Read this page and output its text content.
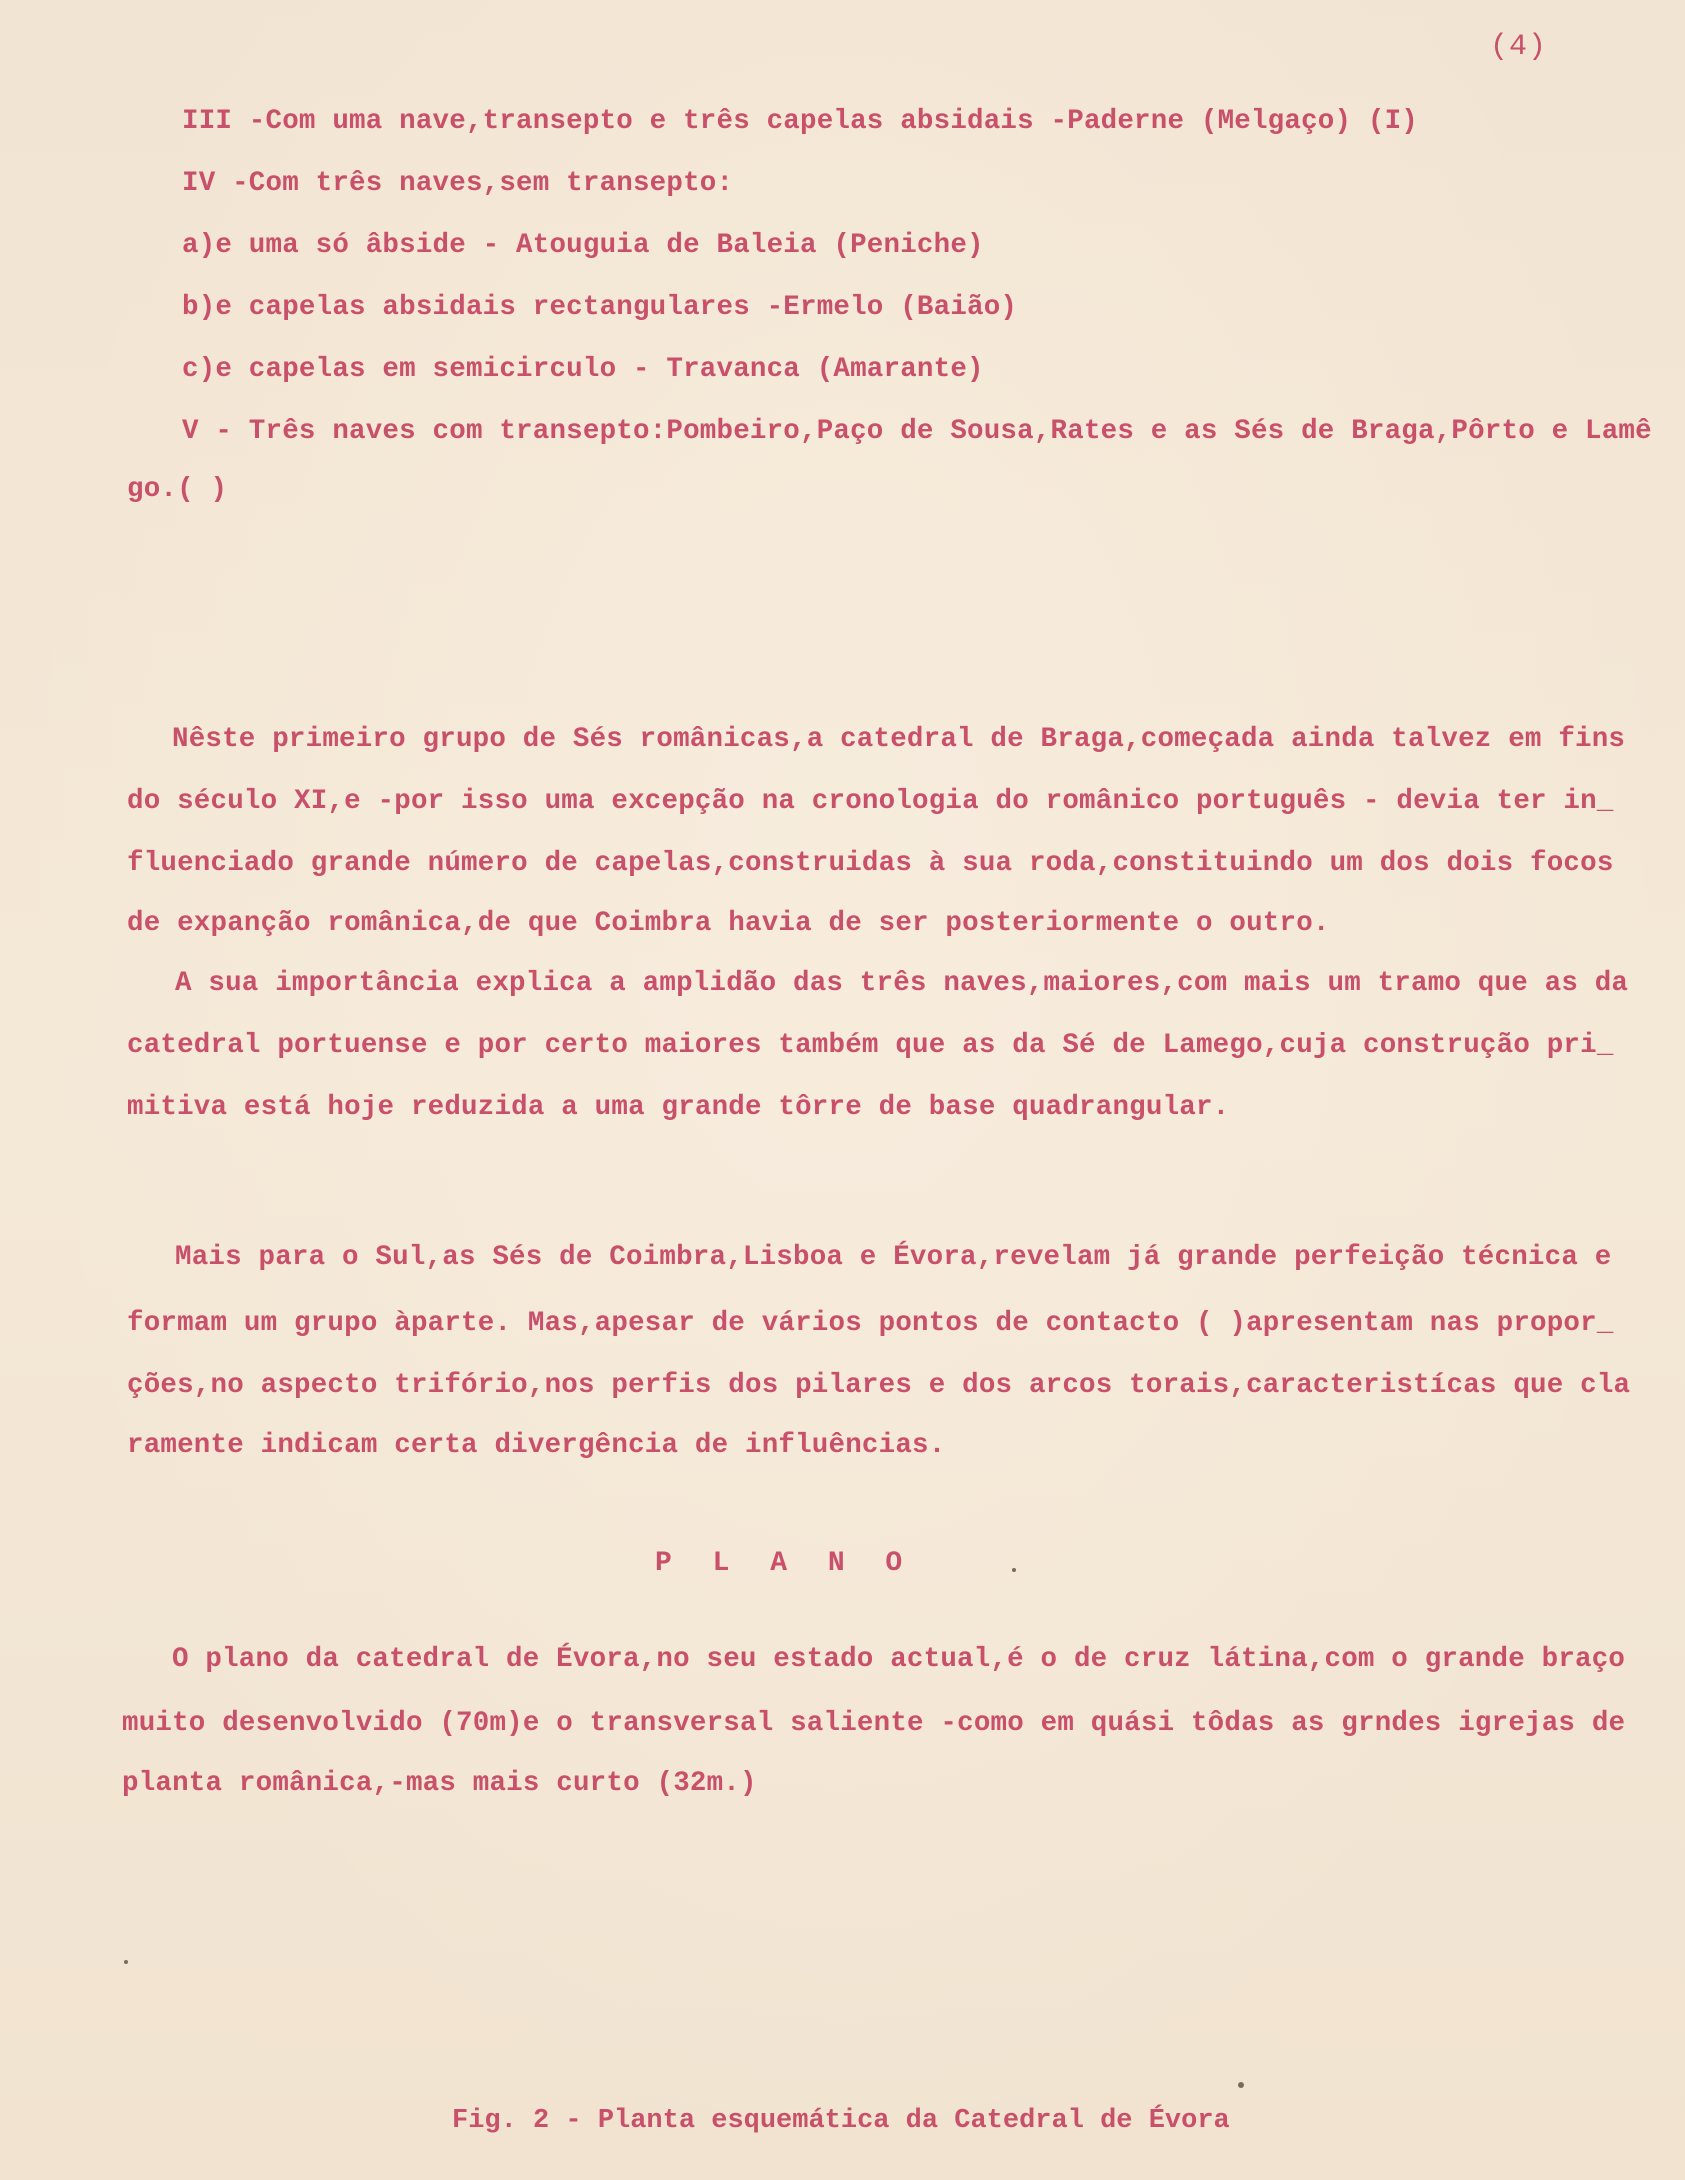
(4)
III -Com uma nave,transepto e três capelas absidais -Paderne (Melgaço) (I)
IV -Com três naves,sem transepto:
a)e uma só âbside - Atouguia de Baleia (Peniche)
b)e capelas absidais rectangulares -Ermelo (Baião)
c)e capelas em semicirculo - Travanca (Amarante)
V - Três naves com transepto:Pombeiro,Paço de Sousa,Rates e as Sés de Braga,Pôrto e Lamê
go.( )
Nêste primeiro grupo de Sés românicas,a catedral de Braga,começada ainda talvez em fins
do século XI,e -por isso uma excepção na cronologia do românico português - devia ter in_
fluenciado grande número de capelas,construidas à sua roda,constituindo um dos dois focos
de expanção românica,de que Coimbra havia de ser posteriormente o outro.
A sua importância explica a amplidão das três naves,maiores,com mais um tramo que as da
catedral portuense e por certo maiores também que as da Sé de Lamego,cuja construção pri_
mitiva está hoje reduzida a uma grande tôrre de base quadrangular.
Mais para o Sul,as Sés de Coimbra,Lisboa e Évora,revelam já grande perfeição técnica e
formam um grupo àparte. Mas,apesar de vários pontos de contacto ( )apresentam nas propor_
ções,no aspecto trifório,nos perfis dos pilares e dos arcos torais,caracteristícas que cla
ramente indicam certa divergência de influências.
P L A N O
O plano da catedral de Évora,no seu estado actual,é o de cruz látina,com o grande braço
muito desenvolvido (70m)e o transversal saliente -como em quási tôdas as grndes igrejas de
planta românica,-mas mais curto (32m.)
Fig. 2 - Planta esquemática da Catedral de Évora
